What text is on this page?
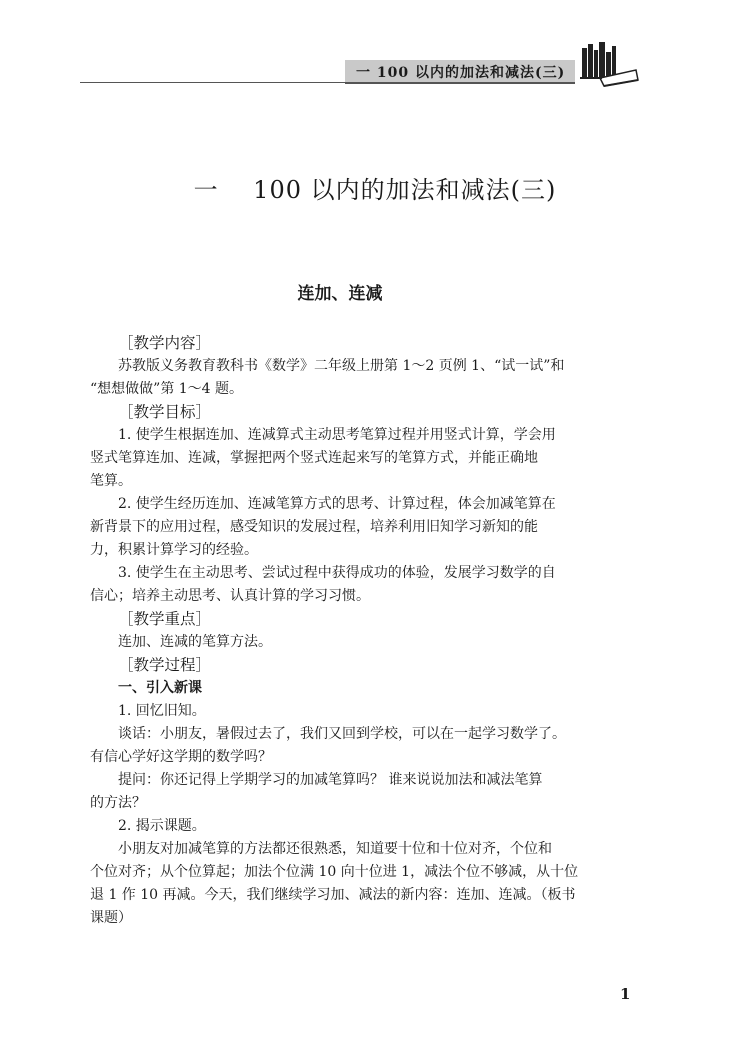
一 100 以内的加法和减法(三)
一    100 以内的加法和减法(三)
连加、连减
［教学内容］
苏教版义务教育教科书《数学》二年级上册第 1～2 页例 1、“试一试”和
“想想做做”第 1～4 题。
［教学目标］
1. 使学生根据连加、连减算式主动思考笔算过程并用竖式计算，学会用
竖式笔算连加、连减，掌握把两个竖式连起来写的笔算方式，并能正确地
笔算。
2. 使学生经历连加、连减笔算方式的思考、计算过程，体会加减笔算在
新背景下的应用过程，感受知识的发展过程，培养利用旧知学习新知的能
力，积累计算学习的经验。
3. 使学生在主动思考、尝试过程中获得成功的体验，发展学习数学的自
信心；培养主动思考、认真计算的学习习惯。
［教学重点］
连加、连减的笔算方法。
［教学过程］
一、引入新课
1. 回忆旧知。
谈话：小朋友，暑假过去了，我们又回到学校，可以在一起学习数学了。
有信心学好这学期的数学吗？
提问：你还记得上学期学习的加减笔算吗？ 谁来说说加法和减法笔算
的方法？
2. 揭示课题。
小朋友对加减笔算的方法都还很熟悉，知道要十位和十位对齐，个位和
个位对齐；从个位算起；加法个位满 10 向十位进 1，减法个位不够减，从十位
退 1 作 10 再减。今天，我们继续学习加、减法的新内容：连加、连减。（板书
课题）
1
